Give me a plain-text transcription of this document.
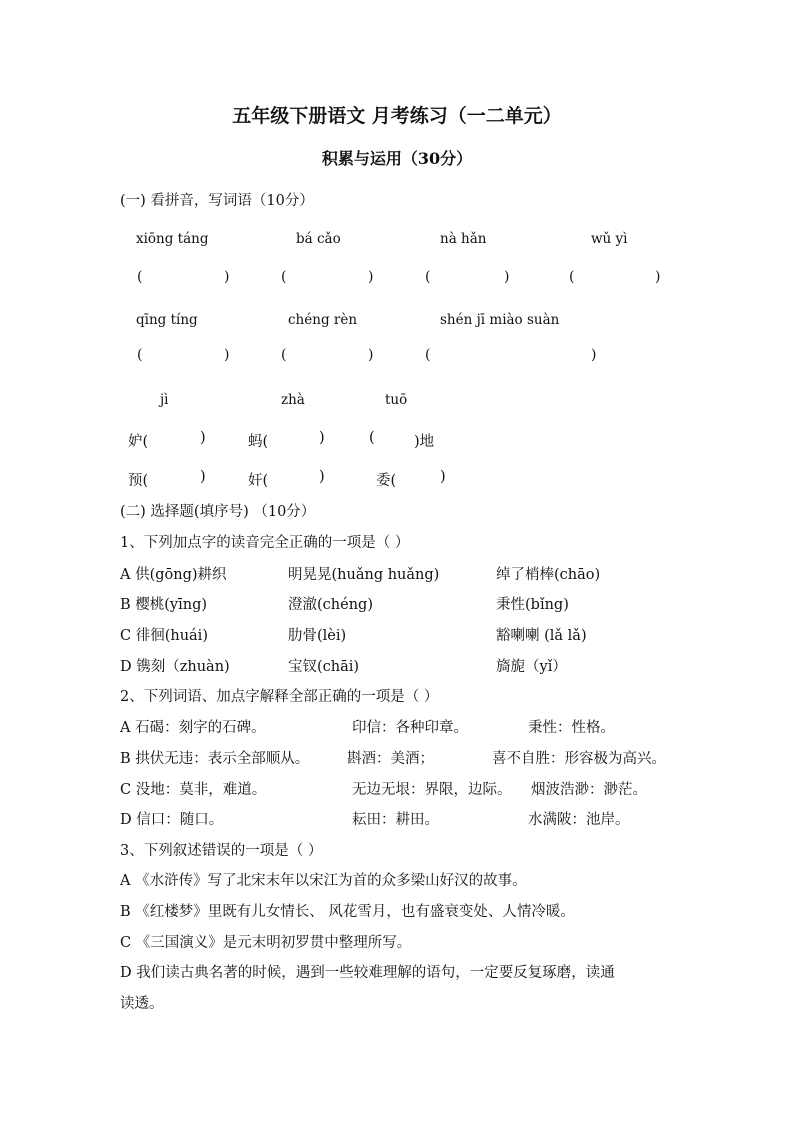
五年级下册语文 月考练习（一二单元）
积累与运用（30分）
(一) 看拼音，写词语（10分）
xiōng táng	bá cǎo	nà hǎn	wǔ yì
(	)	(	)	(	)	(	)
qīng tíng	chéng rèn	shén jī miào suàn
(	)	(	)	(	)
jì	zhà	tuō
妒(	)	蚂(	)	(	)地
预(	)	奸(	)	委(	)
(二) 选择题(填序号) （10分）
1、下列加点字的读音完全正确的一项是（ ）
A 供(gōng)耕织	明晃晃(huǎng huǎng)	绰了梢棒(chāo)
B 樱桃(yīng)	澄澈(chéng)	秉性(bǐng)
C 徘徊(huái)	肋骨(lèi)	豁喇喇 (lǎ lǎ)
D 镌刻（zhuàn)	宝钗(chāi)	旖旎（yǐ）
2、下列词语、加点字解释全部正确的一项是（ ）
A 石碣：刻字的石碑。	印信：各种印章。	秉性：性格。
B 拱伏无违：表示全部顺从。	斟酒：美酒；	喜不自胜：形容极为高兴。
C 没地：莫非，难道。	无边无垠：界限，边际。 烟波浩渺：渺茫。
D 信口：随口。	耘田：耕田。	水满陂：池岸。
3、下列叙述错误的一项是（ ）
A 《水浒传》写了北宋末年以宋江为首的众多梁山好汉的故事。
B 《红楼梦》里既有儿女情长、 风花雪月，也有盛衰变处、人情冷暖。
C 《三国演义》是元末明初罗贯中整理所写。
D 我们读古典名著的时候，遇到一些较难理解的语句，一定要反复琢磨，读通
读透。
